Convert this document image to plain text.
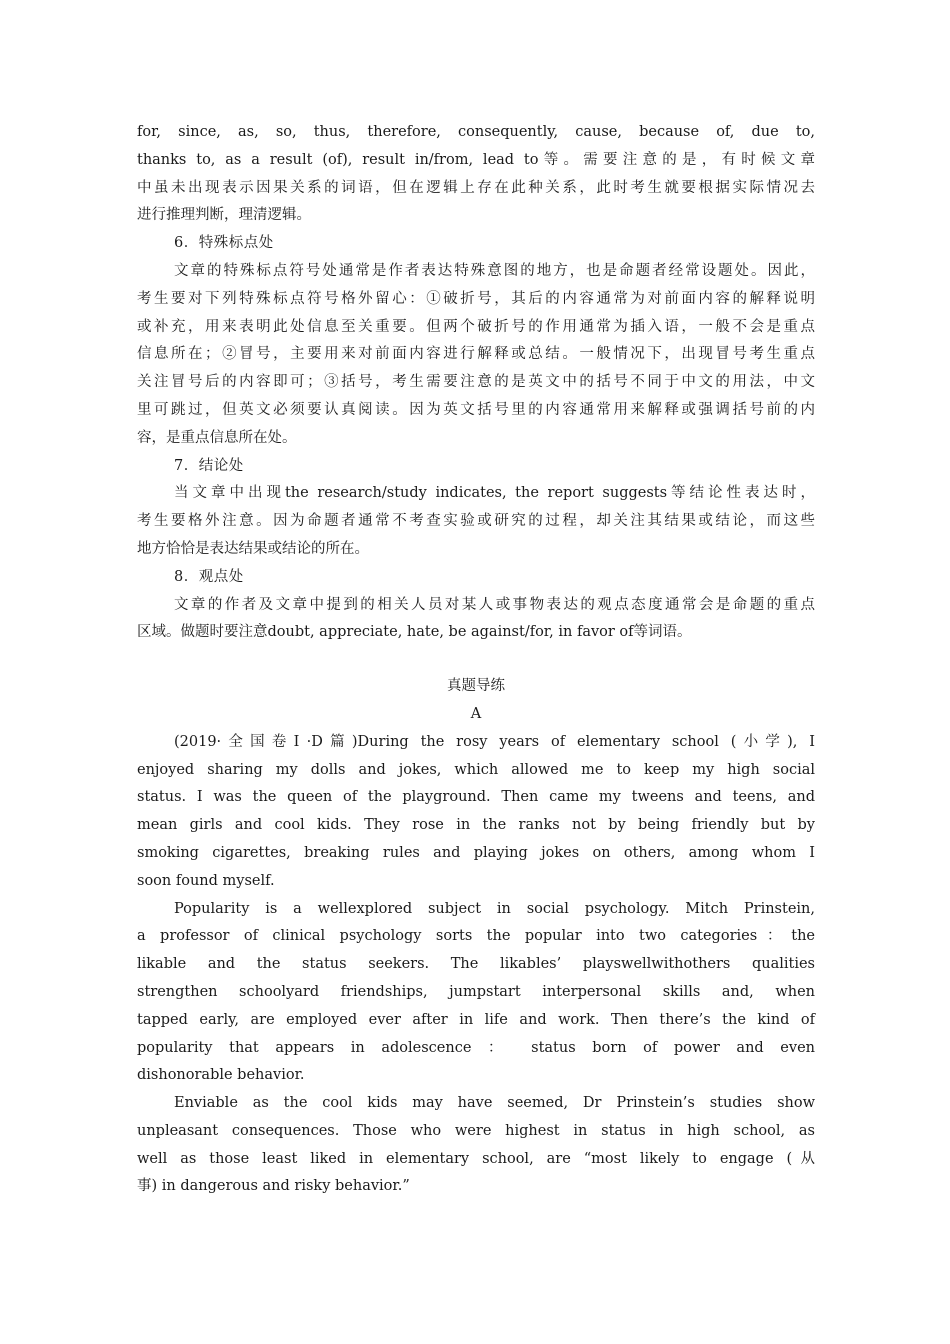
for, since, as, so, thus, therefore, consequently, cause, because of, due to,
thanks to, as a result (of), result in/from, lead to等。需要注意的是，有时候文章
中虽未出现表示因果关系的词语，但在逻辑上存在此种关系，此时考生就要根据实际情况去
进行推理判断，理清逻辑。
6．特殊标点处
文章的特殊标点符号处通常是作者表达特殊意图的地方，也是命题者经常设题处。因此，
考生要对下列特殊标点符号格外留心：①破折号，其后的内容通常为对前面内容的解释说明
或补充，用来表明此处信息至关重要。但两个破折号的作用通常为插入语，一般不会是重点
信息所在；②冒号，主要用来对前面内容进行解释或总结。一般情况下，出现冒号考生重点
关注冒号后的内容即可；③括号，考生需要注意的是英文中的括号不同于中文的用法，中文
里可跳过，但英文必须要认真阅读。因为英文括号里的内容通常用来解释或强调括号前的内
容，是重点信息所在处。
7．结论处
当文章中出现the research/study indicates, the report suggests等结论性表达时，
考生要格外注意。因为命题者通常不考查实验或研究的过程，却关注其结果或结论，而这些
地方恰恰是表达结果或结论的所在。
8．观点处
文章的作者及文章中提到的相关人员对某人或事物表达的观点态度通常会是命题的重点
区域。做题时要注意doubt, appreciate, hate, be against/for, in favor of等词语。
真题导练
A
(2019·全国卷Ⅰ·D篇)During the rosy years of elementary school (小学), I
enjoyed sharing my dolls and jokes, which allowed me to keep my high social
status. I was the queen of the playground. Then came my tweens and teens, and
mean girls and cool kids. They rose in the ranks not by being friendly but by
smoking cigarettes, breaking rules and playing jokes on others, among whom I
soon found myself.
Popularity is a wellexplored subject in social psychology. Mitch Prinstein,
a professor of clinical psychology sorts the popular into two categories：the
likable and the status seekers. The likables’ playswellwithothers qualities
strengthen schoolyard friendships, jumpstart interpersonal skills and, when
tapped early, are employed ever after in life and work. Then there’s the kind of
popularity that appears in adolescence ： status born of power and even
dishonorable behavior.
Enviable as the cool kids may have seemed, Dr Prinstein’s studies show
unpleasant consequences. Those who were highest in status in high school, as
well as those least liked in elementary school, are “most likely to engage (从
事) in dangerous and risky behavior.”
